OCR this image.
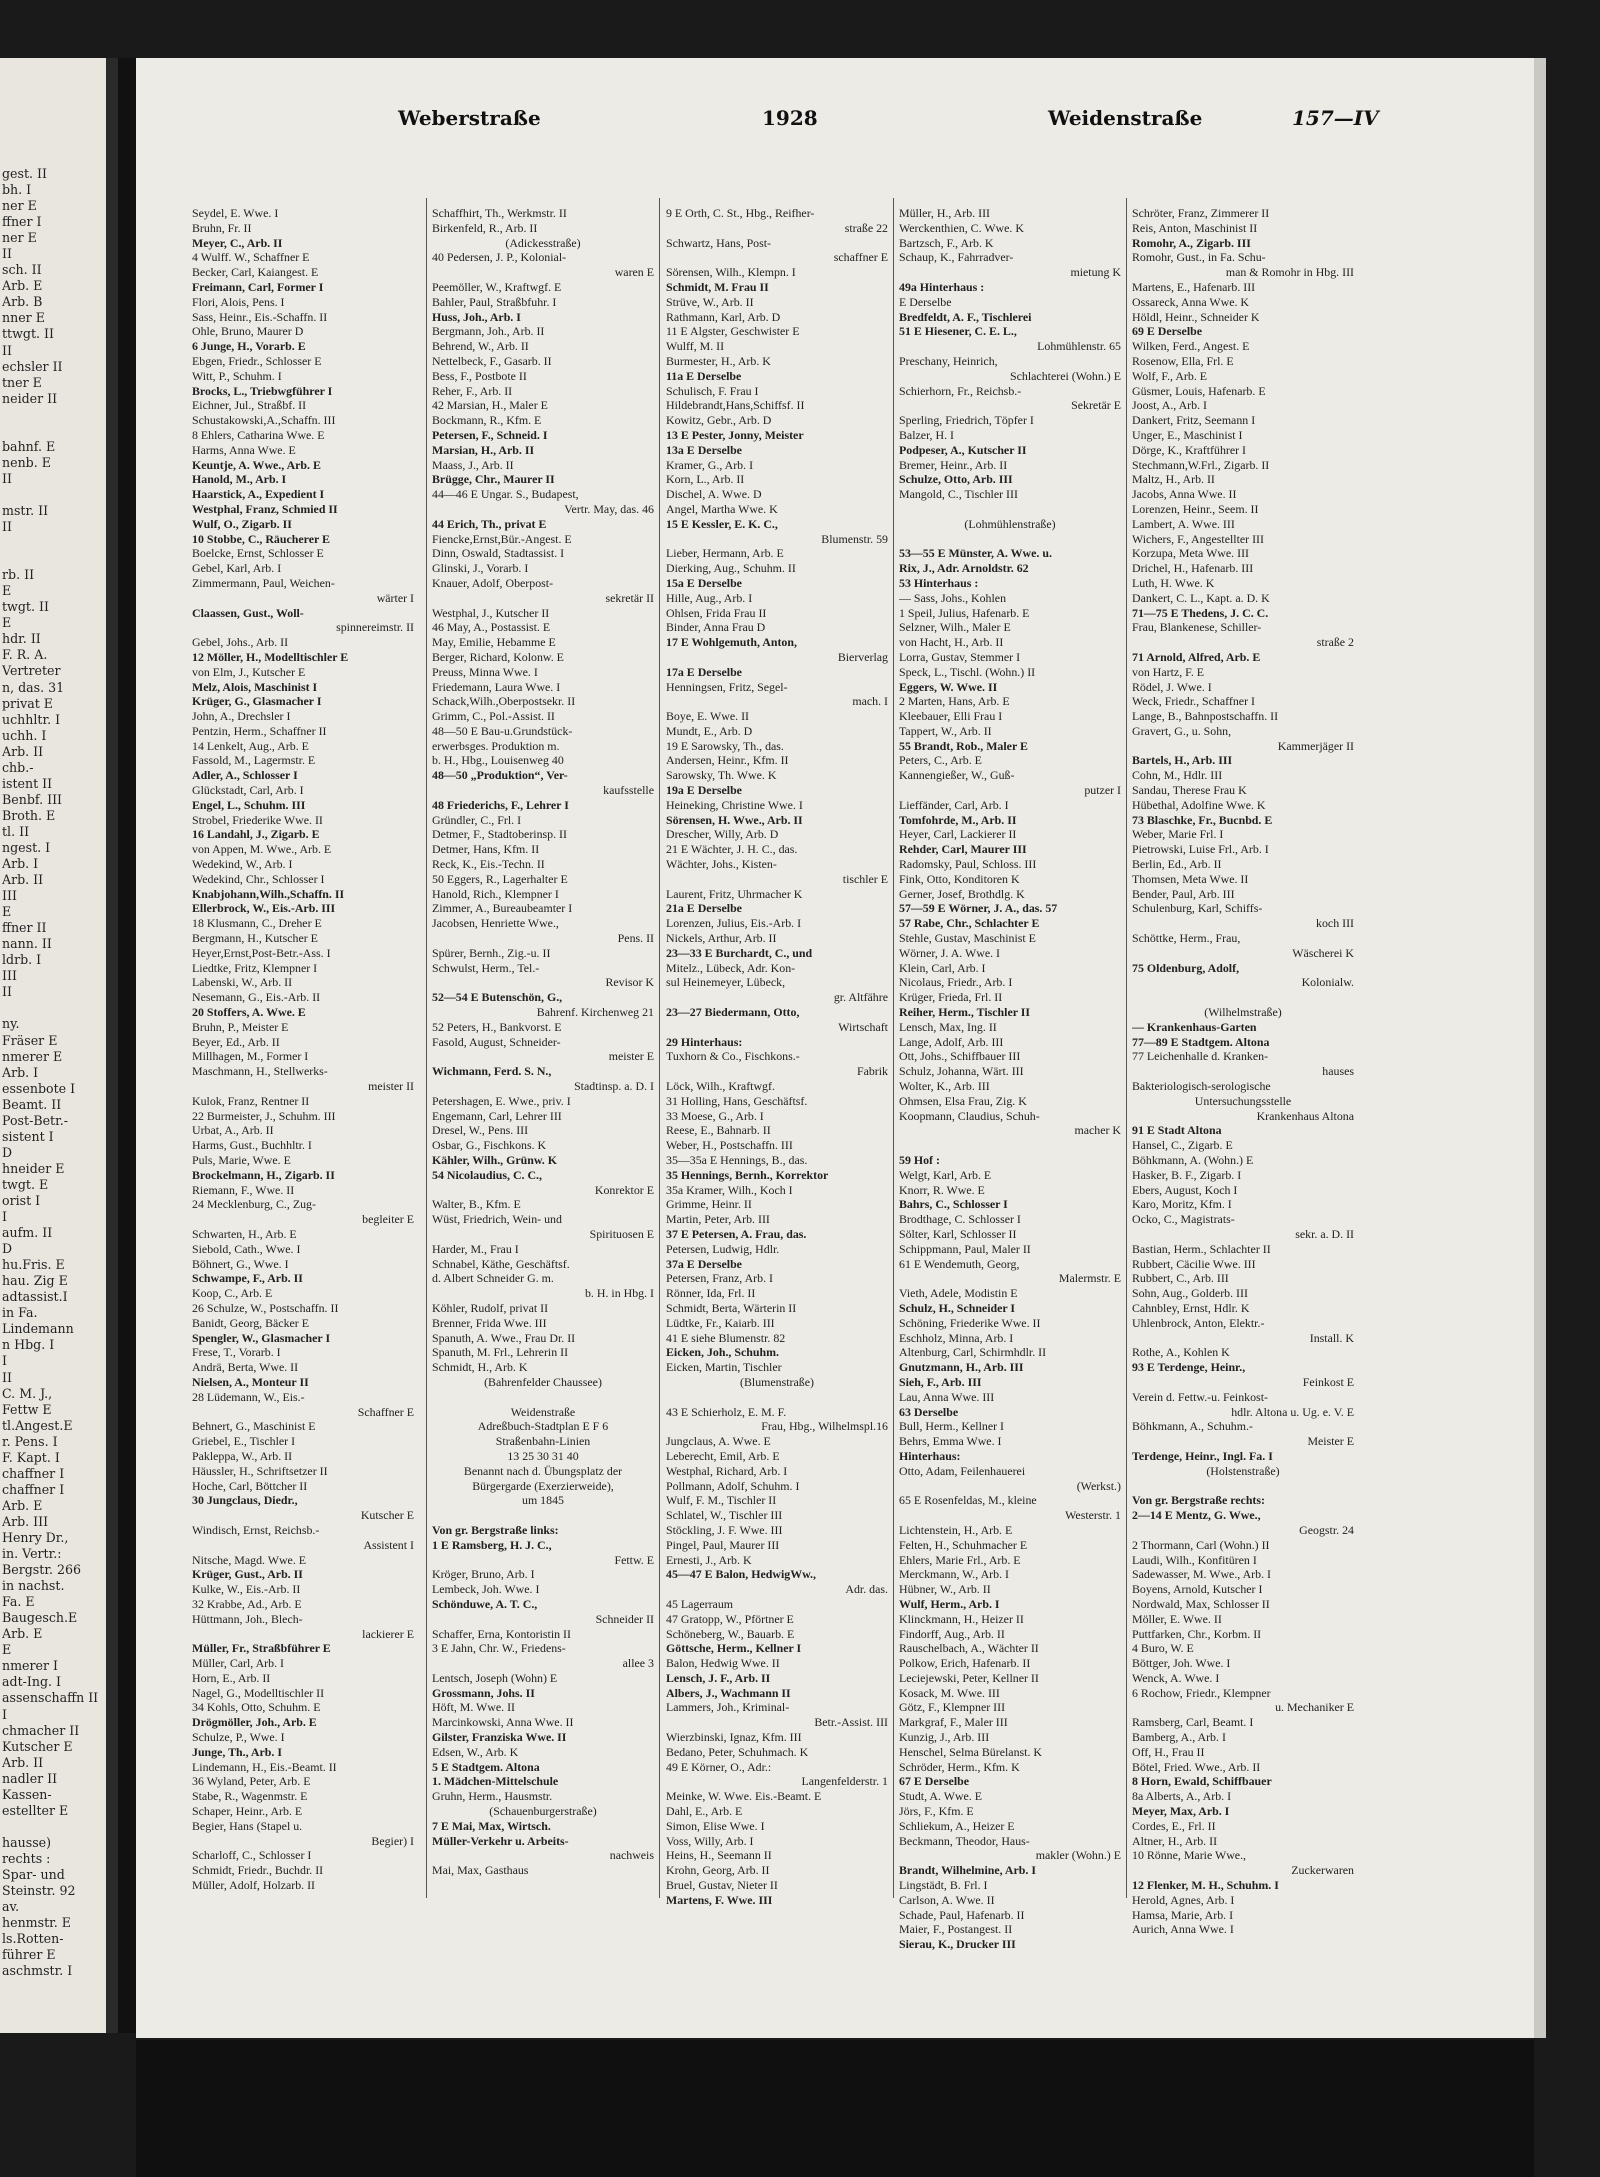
gest. II
bh. I
ner E
ffner I
ner E
II
sch. II
Arb. E
Arb. B
nner E
ttwgt. II
II
echsler II
tner E
neider II
bahnf. E
nenb. E
II
mstr. II
II
rb. II
E
twgt. II
E
hdr. II
F. R. A.
Vertreter
n, das. 31
privat E
uchhltr. I
uchh. I
Arb. II
chb.-
istent II
Benbf. III
Broth. E
tl. II
ngest. I
Arb. I
Arb. II
III
E
ffner II
nann. II
ldrb. I
III
II
ny.
Fräser E
nmerer E
Arb. I
essenbote I
Beamt. II
Post-Betr.-
sistent I
D
hneider E
twgt. E
orist I
I
aufm. II
D
hu.Fris. E
hau. Zig E
adtassist.I
in Fa.
Lindemann
n Hbg. I
I
II
C. M. J.,
Fettw E
tl.Angest.E
r. Pens. I
F. Kapt. I
chaffner I
chaffner I
Arb. E
Arb. III
Henry Dr.,
in. Vertr.:
Bergstr. 266
in nachst.
Fa. E
Baugesch.E
Arb. E
E
nmerer I
adt-Ing. I
assenschaffn II
I
chmacher II
Kutscher E
Arb. II
nadler II
Kassen-
estellter E
hausse)
rechts :
Spar- und
Steinstr. 92
av.
henmstr. E
ls.Rotten-
führer E
aschmstr. I
Weberstraße	1928	Weidenstraße	157—IV
Seydel, E. Wwe. I
Bruhn, Fr. II
Meyer, C., Arb. II
4 Wulff. W., Schaffner E
Becker, Carl, Kaiangest. E
Freimann, Carl, Former I
Flori, Alois, Pens. I
Sass, Heinr., Eis.-Schaffn. II
Ohle, Bruno, Maurer D
6 Junge, H., Vorarb. E
Ebgen, Friedr., Schlosser E
Witt, P., Schuhm. I
Brocks, L., Triebwgführer I
Eichner, Jul., Straßbf. II
Schustakowski,A.,Schaffn. III
8 Ehlers, Catharina Wwe. E
Harms, Anna Wwe. E
Keuntje, A. Wwe., Arb. E
Hanold, M., Arb. I
Haarstick, A., Expedient I
Westphal, Franz, Schmied II
Wulf, O., Zigarb. II
10 Stobbe, C., Räucherer E
Boelcke, Ernst, Schlosser E
Gebel, Karl, Arb. I
Zimmermann, Paul, Weichen-
wärter I
Claassen, Gust., Woll-
spinnereimstr. II
Gebel, Johs., Arb. II
12 Möller, H., Modelltischler E
von Elm, J., Kutscher E
Melz, Alois, Maschinist I
Krüger, G., Glasmacher I
John, A., Drechsler I
Pentzin, Herm., Schaffner II
14 Lenkelt, Aug., Arb. E
Fassold, M., Lagermstr. E
Adler, A., Schlosser I
Glückstadt, Carl, Arb. I
Engel, L., Schuhm. III
Strobel, Friederike Wwe. II
16 Landahl, J., Zigarb. E
von Appen, M. Wwe., Arb. E
Wedekind, W., Arb. I
Wedekind, Chr., Schlosser I
Knabjohann,Wilh.,Schaffn. II
Ellerbrock, W., Eis.-Arb. III
18 Klusmann, C., Dreher E
Bergmann, H., Kutscher E
Heyer,Ernst,Post-Betr.-Ass. I
Liedtke, Fritz, Klempner I
Labenski, W., Arb. II
Nesemann, G., Eis.-Arb. II
20 Stoffers, A. Wwe. E
Bruhn, P., Meister E
Beyer, Ed., Arb. II
Millhagen, M., Former I
Maschmann, H., Stellwerks-
meister II
Kulok, Franz, Rentner II
22 Burmeister, J., Schuhm. III
Urbat, A., Arb. II
Harms, Gust., Buchhltr. I
Puls, Marie, Wwe. E
Brockelmann, H., Zigarb. II
Riemann, F., Wwe. II
24 Mecklenburg, C., Zug-
begleiter E
Schwarten, H., Arb. E
Siebold, Cath., Wwe. I
Böhnert, G., Wwe. I
Schwampe, F., Arb. II
Koop, C., Arb. E
26 Schulze, W., Postschaffn. II
Banidt, Georg, Bäcker E
Spengler, W., Glasmacher I
Frese, T., Vorarb. I
Andrä, Berta, Wwe. II
Nielsen, A., Monteur II
28 Lüdemann, W., Eis.-
Schaffner E
Behnert, G., Maschinist E
Griebel, E., Tischler I
Pakleppa, W., Arb. II
Häussler, H., Schriftsetzer II
Hoche, Carl, Böttcher II
30 Jungclaus, Diedr.,
Kutscher E
Windisch, Ernst, Reichsb.-
Assistent I
Nitsche, Magd. Wwe. E
Krüger, Gust., Arb. II
Kulke, W., Eis.-Arb. II
32 Krabbe, Ad., Arb. E
Hüttmann, Joh., Blech-
lackierer E
Müller, Fr., Straßbführer E
Müller, Carl, Arb. I
Horn, E., Arb. II
Nagel, G., Modelltischler II
34 Kohls, Otto, Schuhm. E
Drögmöller, Joh., Arb. E
Schulze, P., Wwe. I
Junge, Th., Arb. I
Lindemann, H., Eis.-Beamt. II
36 Wyland, Peter, Arb. E
Stabe, R., Wagenmstr. E
Schaper, Heinr., Arb. E
Begier, Hans (Stapel u.
Begier) I
Scharloff, C., Schlosser I
Schmidt, Friedr., Buchdr. II
Müller, Adolf, Holzarb. II
Schaffhirt, Th., Werkmstr. II
Birkenfeld, R., Arb. II
(Adickesstraße)
40 Pedersen, J. P., Kolonial-
waren E
Peemöller, W., Kraftwgf. E
Bahler, Paul, Straßbfuhr. I
Huss, Joh., Arb. I
Bergmann, Joh., Arb. II
Behrend, W., Arb. II
Nettelbeck, F., Gasarb. II
Bess, F., Postbote II
Reher, F., Arb. II
42 Marsian, H., Maler E
Bockmann, R., Kfm. E
Petersen, F., Schneid. I
Marsian, H., Arb. II
Maass, J., Arb. II
Brügge, Chr., Maurer II
44—46 E Ungar. S., Budapest,
Vertr. May, das. 46
44 Erich, Th., privat E
Fiencke,Ernst,Bür.-Angest. E
Dinn, Oswald, Stadtassist. I
Glinski, J., Vorarb. I
Knauer, Adolf, Oberpost-
sekretär II
Westphal, J., Kutscher II
46 May, A., Postassist. E
May, Emilie, Hebamme E
Berger, Richard, Kolonw. E
Preuss, Minna Wwe. I
Friedemann, Laura Wwe. I
Schack,Wilh.,Oberpostsekr. II
Grimm, C., Pol.-Assist. II
48—50 E Bau-u.Grundstück-
erwerbsges. Produktion m.
b. H., Hbg., Louisenweg 40
48—50 „Produktion“, Ver-
kaufsstelle
48 Friederichs, F., Lehrer I
Gründler, C., Frl. I
Detmer, F., Stadtoberinsp. II
Detmer, Hans, Kfm. II
Reck, K., Eis.-Techn. II
50 Eggers, R., Lagerhalter E
Hanold, Rich., Klempner I
Zimmer, A., Bureaubeamter I
Jacobsen, Henriette Wwe.,
Pens. II
Spürer, Bernh., Zig.-u. II
Schwulst, Herm., Tel.-
Revisor K
52—54 E Butenschön, G.,
Bahrenf. Kirchenweg 21
52 Peters, H., Bankvorst. E
Fasold, August, Schneider-
meister E
Wichmann, Ferd. S. N.,
Stadtinsp. a. D. I
Petershagen, E. Wwe., priv. I
Engemann, Carl, Lehrer III
Dresel, W., Pens. III
Osbar, G., Fischkons. K
Kähler, Wilh., Grünw. K
54 Nicolaudius, C. C.,
Konrektor E
Walter, B., Kfm. E
Wüst, Friedrich, Wein- und
Spirituosen E
Harder, M., Frau I
Schnabel, Käthe, Geschäftsf.
d. Albert Schneider G. m.
b. H. in Hbg. I
Köhler, Rudolf, privat II
Brenner, Frida Wwe. III
Spanuth, A. Wwe., Frau Dr. II
Spanuth, M. Frl., Lehrerin II
Schmidt, H., Arb. K
(Bahrenfelder Chaussee)
Weidenstraße
Adreßbuch-Stadtplan E F 6
Straßenbahn-Linien
13 25 30 31 40
Benannt nach d. Übungsplatz der
Bürgergarde (Exerzierweide),
um 1845
Von gr. Bergstraße links:
1 E Ramsberg, H. J. C.,
Fettw. E
Kröger, Bruno, Arb. I
Lembeck, Joh. Wwe. I
Schönduwe, A. T. C.,
Schneider II
Schaffer, Erna, Kontoristin II
3 E Jahn, Chr. W., Friedens-
allee 3
Lentsch, Joseph (Wohn) E
Grossmann, Johs. II
Höft, M. Wwe. II
Marcinkowski, Anna Wwe. II
Gilster, Franziska Wwe. II
Edsen, W., Arb. K
5 E Stadtgem. Altona
1. Mädchen-Mittelschule
Gruhn, Herm., Hausmstr.
(Schauenburgerstraße)
7 E Mai, Max, Wirtsch.
Müller-Verkehr u. Arbeits-
nachweis
Mai, Max, Gasthaus
9 E Orth, C. St., Hbg., Reifher-
straße 22
Schwartz, Hans, Post-
schaffner E
Sörensen, Wilh., Klempn. I
Schmidt, M. Frau II
Strüve, W., Arb. II
Rathmann, Karl, Arb. D
11 E Algster, Geschwister E
Wulff, M. II
Burmester, H., Arb. K
11a E Derselbe
Schulisch, F. Frau I
Hildebrandt,Hans,Schiffsf. II
Kowitz, Gebr., Arb. D
13 E Pester, Jonny, Meister
13a E Derselbe
Kramer, G., Arb. I
Korn, L., Arb. II
Dischel, A. Wwe. D
Angel, Martha Wwe. K
15 E Kessler, E. K. C.,
Blumenstr. 59
Lieber, Hermann, Arb. E
Dierking, Aug., Schuhm. II
15a E Derselbe
Hille, Aug., Arb. I
Ohlsen, Frida Frau II
Binder, Anna Frau D
17 E Wohlgemuth, Anton,
Bierverlag
17a E Derselbe
Henningsen, Fritz, Segel-
mach. I
Boye, E. Wwe. II
Mundt, E., Arb. D
19 E Sarowsky, Th., das.
Andersen, Heinr., Kfm. II
Sarowsky, Th. Wwe. K
19a E Derselbe
Heineking, Christine Wwe. I
Sörensen, H. Wwe., Arb. II
Drescher, Willy, Arb. D
21 E Wächter, J. H. C., das.
Wächter, Johs., Kisten-
tischler E
Laurent, Fritz, Uhrmacher K
21a E Derselbe
Lorenzen, Julius, Eis.-Arb. I
Nickels, Arthur, Arb. II
23—33 E Burchardt, C., und
Mitelz., Lübeck, Adr. Kon-
sul Heinemeyer, Lübeck,
gr. Altfähre
23—27 Biedermann, Otto,
Wirtschaft
29 Hinterhaus:
Tuxhorn & Co., Fischkons.-
Fabrik
Löck, Wilh., Kraftwgf.
31 Holling, Hans, Geschäftsf.
33 Moese, G., Arb. I
Reese, E., Bahnarb. II
Weber, H., Postschaffn. III
35—35a E Hennings, B., das.
35 Hennings, Bernh., Korrektor
35a Kramer, Wilh., Koch I
Grimme, Heinr. II
Martin, Peter, Arb. III
37 E Petersen, A. Frau, das.
Petersen, Ludwig, Hdlr.
37a E Derselbe
Petersen, Franz, Arb. I
Rönner, Ida, Frl. II
Schmidt, Berta, Wärterin II
Lüdtke, Fr., Kaiarb. III
41 E siehe Blumenstr. 82
Eicken, Joh., Schuhm.
Eicken, Martin, Tischler
(Blumenstraße)
43 E Schierholz, E. M. F.
Frau, Hbg., Wilhelmspl.16
Jungclaus, A. Wwe. E
Leberecht, Emil, Arb. E
Westphal, Richard, Arb. I
Pollmann, Adolf, Schuhm. I
Wulf, F. M., Tischler II
Schlatel, W., Tischler III
Stöckling, J. F. Wwe. III
Pingel, Paul, Maurer III
Ernesti, J., Arb. K
45—47 E Balon, HedwigWw.,
Adr. das.
45 Lagerraum
47 Gratopp, W., Pförtner E
Schöneberg, W., Bauarb. E
Göttsche, Herm., Kellner I
Balon, Hedwig Wwe. II
Lensch, J. F., Arb. II
Albers, J., Wachmann II
Lammers, Joh., Kriminal-
Betr.-Assist. III
Wierzbinski, Ignaz, Kfm. III
Bedano, Peter, Schuhmach. K
49 E Körner, O., Adr.:
Langenfelderstr. 1
Meinke, W. Wwe. Eis.-Beamt. E
Dahl, E., Arb. E
Simon, Elise Wwe. I
Voss, Willy, Arb. I
Heins, H., Seemann II
Krohn, Georg, Arb. II
Bruel, Gustav, Nieter II
Martens, F. Wwe. III
Müller, H., Arb. III
Werckenthien, C. Wwe. K
Bartzsch, F., Arb. K
Schaup, K., Fahrradver-
mietung K
49a Hinterhaus :
E Derselbe
Bredfeldt, A. F., Tischlerei
51 E Hiesener, C. E. L.,
Lohmühlenstr. 65
Preschany, Heinrich,
Schlachterei (Wohn.) E
Schierhorn, Fr., Reichsb.-
Sekretär E
Sperling, Friedrich, Töpfer I
Balzer, H. I
Podpeser, A., Kutscher II
Bremer, Heinr., Arb. II
Schulze, Otto, Arb. III
Mangold, C., Tischler III
(Lohmühlenstraße)
53—55 E Münster, A. Wwe. u.
Rix, J., Adr. Arnoldstr. 62
53 Hinterhaus :
— Sass, Johs., Kohlen
1 Speil, Julius, Hafenarb. E
Selzner, Wilh., Maler E
von Hacht, H., Arb. II
Lorra, Gustav, Stemmer I
Speck, L., Tischl. (Wohn.) II
Eggers, W. Wwe. II
2 Marten, Hans, Arb. E
Kleebauer, Elli Frau I
Tappert, W., Arb. II
55 Brandt, Rob., Maler E
Peters, C., Arb. E
Kannengießer, W., Guß-
putzer I
Lieffänder, Carl, Arb. I
Tomfohrde, M., Arb. II
Heyer, Carl, Lackierer II
Rehder, Carl, Maurer III
Radomsky, Paul, Schloss. III
Fink, Otto, Konditoren K
Gerner, Josef, Brothdlg. K
57—59 E Wörner, J. A., das. 57
57 Rabe, Chr., Schlachter E
Stehle, Gustav, Maschinist E
Wörner, J. A. Wwe. I
Klein, Carl, Arb. I
Nicolaus, Friedr., Arb. I
Krüger, Frieda, Frl. II
Reiher, Herm., Tischler II
Lensch, Max, Ing. II
Lange, Adolf, Arb. III
Ott, Johs., Schiffbauer III
Schulz, Johanna, Wärt. III
Wolter, K., Arb. III
Ohmsen, Elsa Frau, Zig. K
Koopmann, Claudius, Schuh-
macher K
59 Hof :
Welgt, Karl, Arb. E
Knorr, R. Wwe. E
Bahrs, C., Schlosser I
Brodthage, C. Schlosser I
Sölter, Karl, Schlosser II
Schippmann, Paul, Maler II
61 E Wendemuth, Georg,
Malermstr. E
Vieth, Adele, Modistin E
Schulz, H., Schneider I
Schöning, Friederike Wwe. II
Eschholz, Minna, Arb. I
Altenburg, Carl, Schirmhdlr. II
Gnutzmann, H., Arb. III
Sieh, F., Arb. III
Lau, Anna Wwe. III
63 Derselbe
Bull, Herm., Kellner I
Behrs, Emma Wwe. I
Hinterhaus:
Otto, Adam, Feilenhauerei
(Werkst.)
65 E Rosenfeldas, M., kleine
Westerstr. 1
Lichtenstein, H., Arb. E
Felten, H., Schuhmacher E
Ehlers, Marie Frl., Arb. E
Merckmann, W., Arb. I
Hübner, W., Arb. II
Wulf, Herm., Arb. I
Klinckmann, H., Heizer II
Findorff, Aug., Arb. II
Rauschelbach, A., Wächter II
Polkow, Erich, Hafenarb. II
Leciejewski, Peter, Kellner II
Kosack, M. Wwe. III
Götz, F., Klempner III
Markgraf, F., Maler III
Kunzig, J., Arb. III
Henschel, Selma Bürelanst. K
Schröder, Herm., Kfm. K
67 E Derselbe
Studt, A. Wwe. E
Jörs, F., Kfm. E
Schliekum, A., Heizer E
Beckmann, Theodor, Haus-
makler (Wohn.) E
Brandt, Wilhelmine, Arb. I
Lingstädt, B. Frl. I
Carlson, A. Wwe. II
Schade, Paul, Hafenarb. II
Maier, F., Postangest. II
Sierau, K., Drucker III
Schröter, Franz, Zimmerer II
Reis, Anton, Maschinist II
Romohr, A., Zigarb. III
Romohr, Gust., in Fa. Schu-
man & Romohr in Hbg. III
Martens, E., Hafenarb. III
Ossareck, Anna Wwe. K
Höldl, Heinr., Schneider K
69 E Derselbe
Wilken, Ferd., Angest. E
Rosenow, Ella, Frl. E
Wolf, F., Arb. E
Güsmer, Louis, Hafenarb. E
Joost, A., Arb. I
Dankert, Fritz, Seemann I
Unger, E., Maschinist I
Dörge, K., Kraftführer I
Stechmann,W.Frl., Zigarb. II
Maltz, H., Arb. II
Jacobs, Anna Wwe. II
Lorenzen, Heinr., Seem. II
Lambert, A. Wwe. III
Wichers, F., Angestellter III
Korzupa, Meta Wwe. III
Drichel, H., Hafenarb. III
Luth, H. Wwe. K
Dankert, C. L., Kapt. a. D. K
71—75 E Thedens, J. C. C.
Frau, Blankenese, Schiller-
straße 2
71 Arnold, Alfred, Arb. E
von Hartz, F. E
Rödel, J. Wwe. I
Weck, Friedr., Schaffner I
Lange, B., Bahnpostschaffn. II
Gravert, G., u. Sohn,
Kammerjäger II
Bartels, H., Arb. III
Cohn, M., Hdlr. III
Sandau, Therese Frau K
Hübethal, Adolfine Wwe. K
73 Blaschke, Fr., Bucnbd. E
Weber, Marie Frl. I
Pietrowski, Luise Frl., Arb. I
Berlin, Ed., Arb. II
Thomsen, Meta Wwe. II
Bender, Paul, Arb. III
Schulenburg, Karl, Schiffs-
koch III
Schöttke, Herm., Frau,
Wäscherei K
75 Oldenburg, Adolf,
Kolonialw.
(Wilhelmstraße)
— Krankenhaus-Garten
77—89 E Stadtgem. Altona
77 Leichenhalle d. Kranken-
hauses
Bakteriologisch-serologische
Untersuchungsstelle
Krankenhaus Altona
91 E Stadt Altona
Hansel, C., Zigarb. E
Böhkmann, A. (Wohn.) E
Hasker, B. F., Zigarb. I
Ebers, August, Koch I
Karo, Moritz, Kfm. I
Ocko, C., Magistrats-
sekr. a. D. II
Bastian, Herm., Schlachter II
Rubbert, Cäcilie Wwe. III
Rubbert, C., Arb. III
Sohn, Aug., Golderb. III
Cahnbley, Ernst, Hdlr. K
Uhlenbrock, Anton, Elektr.-
Install. K
Rothe, A., Kohlen K
93 E Terdenge, Heinr.,
Feinkost E
Verein d. Fettw.-u. Feinkost-
hdlr. Altona u. Ug. e. V. E
Böhkmann, A., Schuhm.-
Meister E
Terdenge, Heinr., Ingl. Fa. I
(Holstenstraße)
Von gr. Bergstraße rechts:
2—14 E Mentz, G. Wwe.,
Geogstr. 24
2 Thormann, Carl (Wohn.) II
Laudi, Wilh., Konfitüren I
Sadewasser, M. Wwe., Arb. I
Boyens, Arnold, Kutscher I
Nordwald, Max, Schlosser II
Möller, E. Wwe. II
Puttfarken, Chr., Korbm. II
4 Buro, W. E
Böttger, Joh. Wwe. I
Wenck, A. Wwe. I
6 Rochow, Friedr., Klempner
u. Mechaniker E
Ramsberg, Carl, Beamt. I
Bamberg, A., Arb. I
Off, H., Frau II
Bötel, Fried. Wwe., Arb. II
8 Horn, Ewald, Schiffbauer
8a Alberts, A., Arb. I
Meyer, Max, Arb. I
Cordes, E., Frl. II
Altner, H., Arb. II
10 Rönne, Marie Wwe.,
Zuckerwaren
12 Flenker, M. H., Schuhm. I
Herold, Agnes, Arb. I
Hamsa, Marie, Arb. I
Aurich, Anna Wwe. I
